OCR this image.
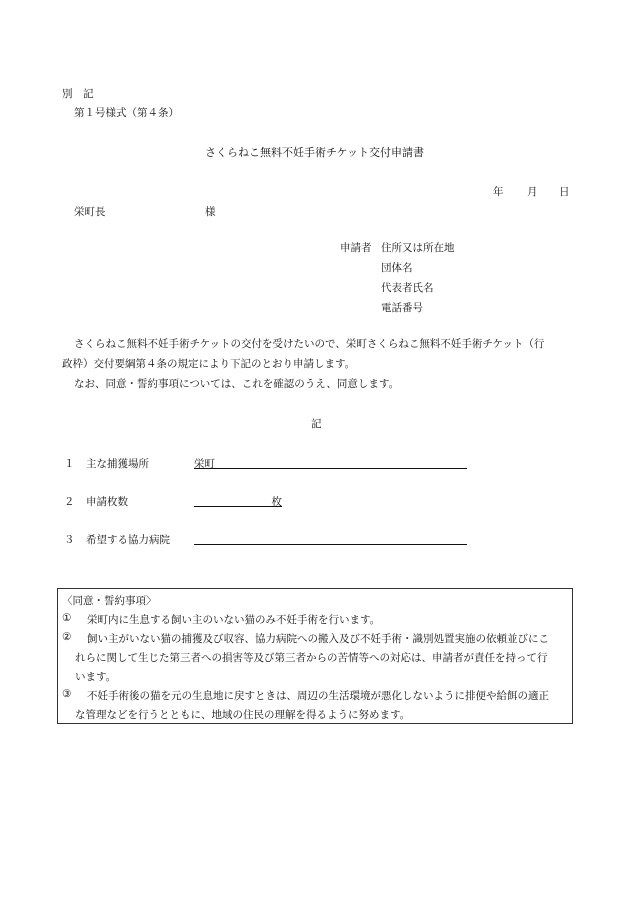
別　記
第１号様式（第４条）
さくらねこ無料不妊手術チケット交付申請書
年 月 日
栄町長	様
申請者 住所又は所在地
団体名
代表者氏名
電話番号

さくらねこ無料不妊手術チケットの交付を受けたいので、栄町さくらねこ無料不妊手術チケット（行

政枠）交付要綱第４条の規定により下記のとおり申請します。

なお、同意・誓約事項については、これを確認のうえ、同意します。

記
１ 主な捕獲場所	栄町
２ 申請枚数	枚
３ 希望する協力病院
〈同意・誓約事項〉
① 栄町内に生息する飼い主のいない猫のみ不妊手術を行います。
② 飼い主がいない猫の捕獲及び収容、協力病院への搬入及び不妊手術・識別処置実施の依頼並びにこ
れらに関して生じた第三者への損害等及び第三者からの苦情等への対応は、申請者が責任を持って行
います。
③ 不妊手術後の猫を元の生息地に戻すときは、周辺の生活環境が悪化しないように排便や給餌の適正
な管理などを行うとともに、地域の住民の理解を得るように努めます。
